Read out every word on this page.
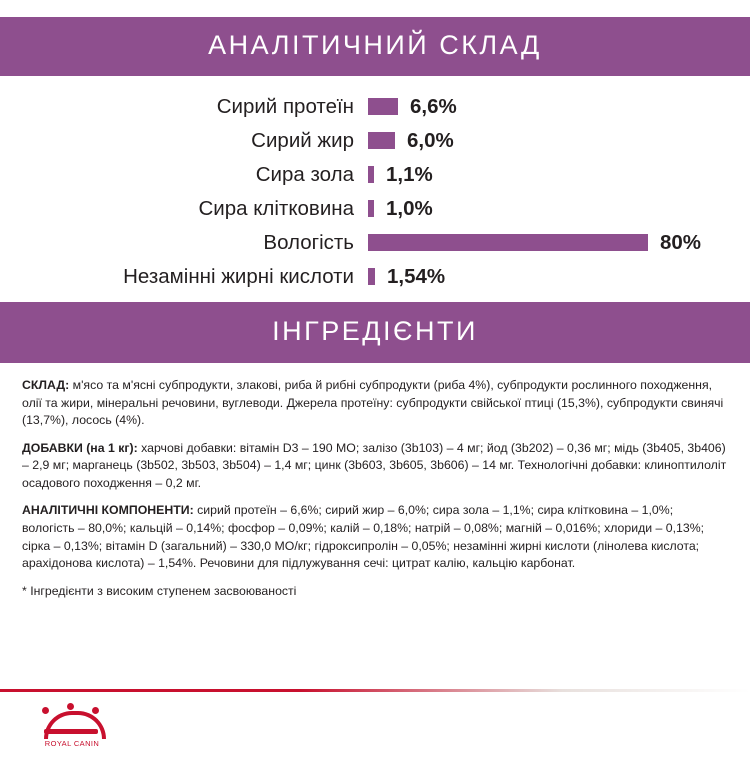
АНАЛІТИЧНИЙ СКЛАД
Сирий протеїн	6,6%
Сирий жир	6,0%
Сира зола	1,1%
Сира клітковина	1,0%
Вологість	80%
Незамінні жирні кислоти	1,54%
ІНГРЕДІЄНТИ

СКЛАД: м'ясо та м'ясні субпродукти, злакові, риба й рибні субпродукти (риба 4%), субпродукти рослинного походження, олії та жири, мінеральні речовини, вуглеводи. Джерела протеїну: субпродукти свійської птиці (15,3%), субпродукти свинячі (13,7%), лосось (4%).

ДОБАВКИ (на 1 кг): харчові добавки: вітамін D3 – 190 МО; залізо (3b103) – 4 мг; йод (3b202) – 0,36 мг; мідь (3b405, 3b406) – 2,9 мг; марганець (3b502, 3b503, 3b504) – 1,4 мг; цинк (3b603, 3b605, 3b606) – 14 мг. Технологічні добавки: клиноптилоліт осадового походження – 0,2 мг.

АНАЛІТИЧНІ КОМПОНЕНТИ: сирий протеїн – 6,6%; сирий жир – 6,0%; сира зола – 1,1%; сира клітковина – 1,0%; вологість – 80,0%; кальцій – 0,14%; фосфор – 0,09%; калій – 0,18%; натрій – 0,08%; магній – 0,016%; хлориди – 0,13%; сірка – 0,13%; вітамін D (загальний) – 330,0 МО/кг; гідроксипролін – 0,05%; незамінні жирні кислоти (лінолева кислота; арахідонова кислота) – 1,54%. Речовини для підлужування сечі: цитрат калію, кальцію карбонат.

* Інгредієнти з високим ступенем засвоюваності

ROYAL CANIN
